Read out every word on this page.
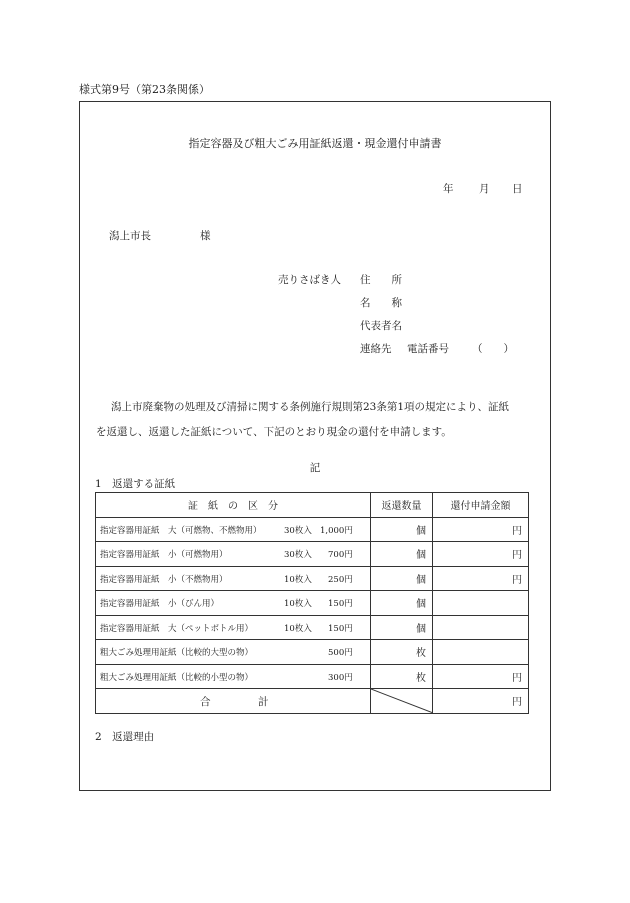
様式第9号（第23条関係）
指定容器及び粗大ごみ用証紙返還・現金還付申請書
年 月 日
潟上市長	様
売りさばき人 住　　所
名　　称
代表者名
連絡先 電話番号 （　　）
潟上市廃棄物の処理及び清掃に関する条例施行規則第23条第1項の規定により、証紙
を返還し、返還した証紙について、下記のとおり現金の還付を申請します。
記
1　返還する証紙
証　紙　の　区　分	返還数量	還付申請金額

指定容器用証紙 大（可燃物、不燃物用） 30枚入 1,000円	個	円

指定容器用証紙 小（可燃物用） 30枚入 700円	個	円

指定容器用証紙 小（不燃物用） 10枚入 250円	個	円

指定容器用証紙 小（びん用） 10枚入 150円	個	

指定容器用証紙 大（ペットボトル用） 10枚入 150円	個	

粗大ごみ処理用証紙（比較的大型の物） 500円	枚	

粗大ごみ処理用証紙（比較的小型の物） 300円	枚	円

合 計		円
2　返還理由
